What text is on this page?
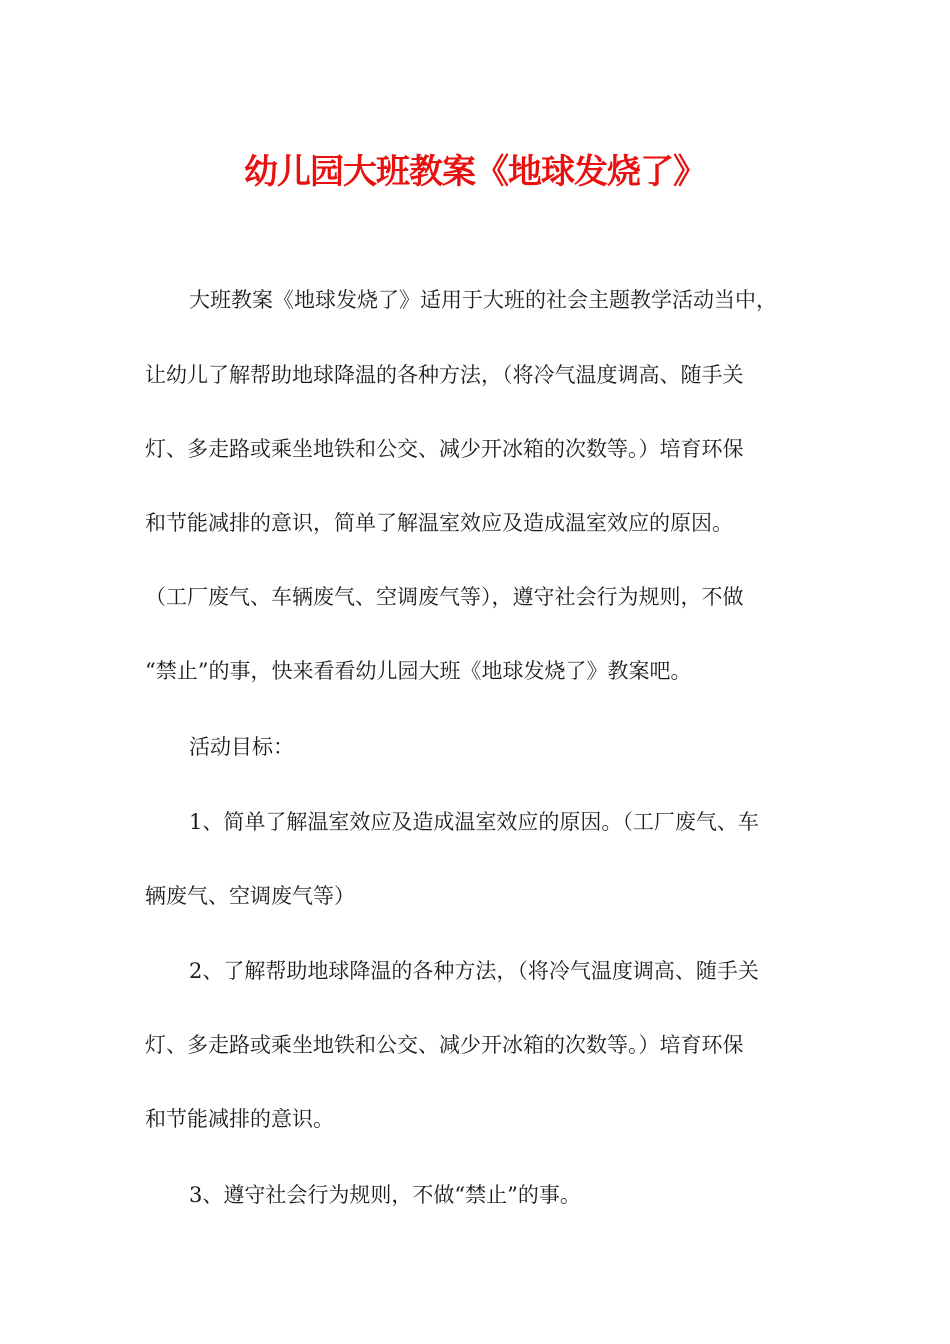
幼儿园大班教案《地球发烧了》
大班教案《地球发烧了》适用于大班的社会主题教学活动当中，
让幼儿了解帮助地球降温的各种方法，（将冷气温度调高、随手关
灯、多走路或乘坐地铁和公交、减少开冰箱的次数等。）培育环保
和节能减排的意识，简单了解温室效应及造成温室效应的原因。
（工厂废气、车辆废气、空调废气等），遵守社会行为规则，不做
“禁止”的事，快来看看幼儿园大班《地球发烧了》教案吧。
活动目标：
1、简单了解温室效应及造成温室效应的原因。（工厂废气、车
辆废气、空调废气等）
2、了解帮助地球降温的各种方法，（将冷气温度调高、随手关
灯、多走路或乘坐地铁和公交、减少开冰箱的次数等。）培育环保
和节能减排的意识。
3、遵守社会行为规则，不做“禁止”的事。
